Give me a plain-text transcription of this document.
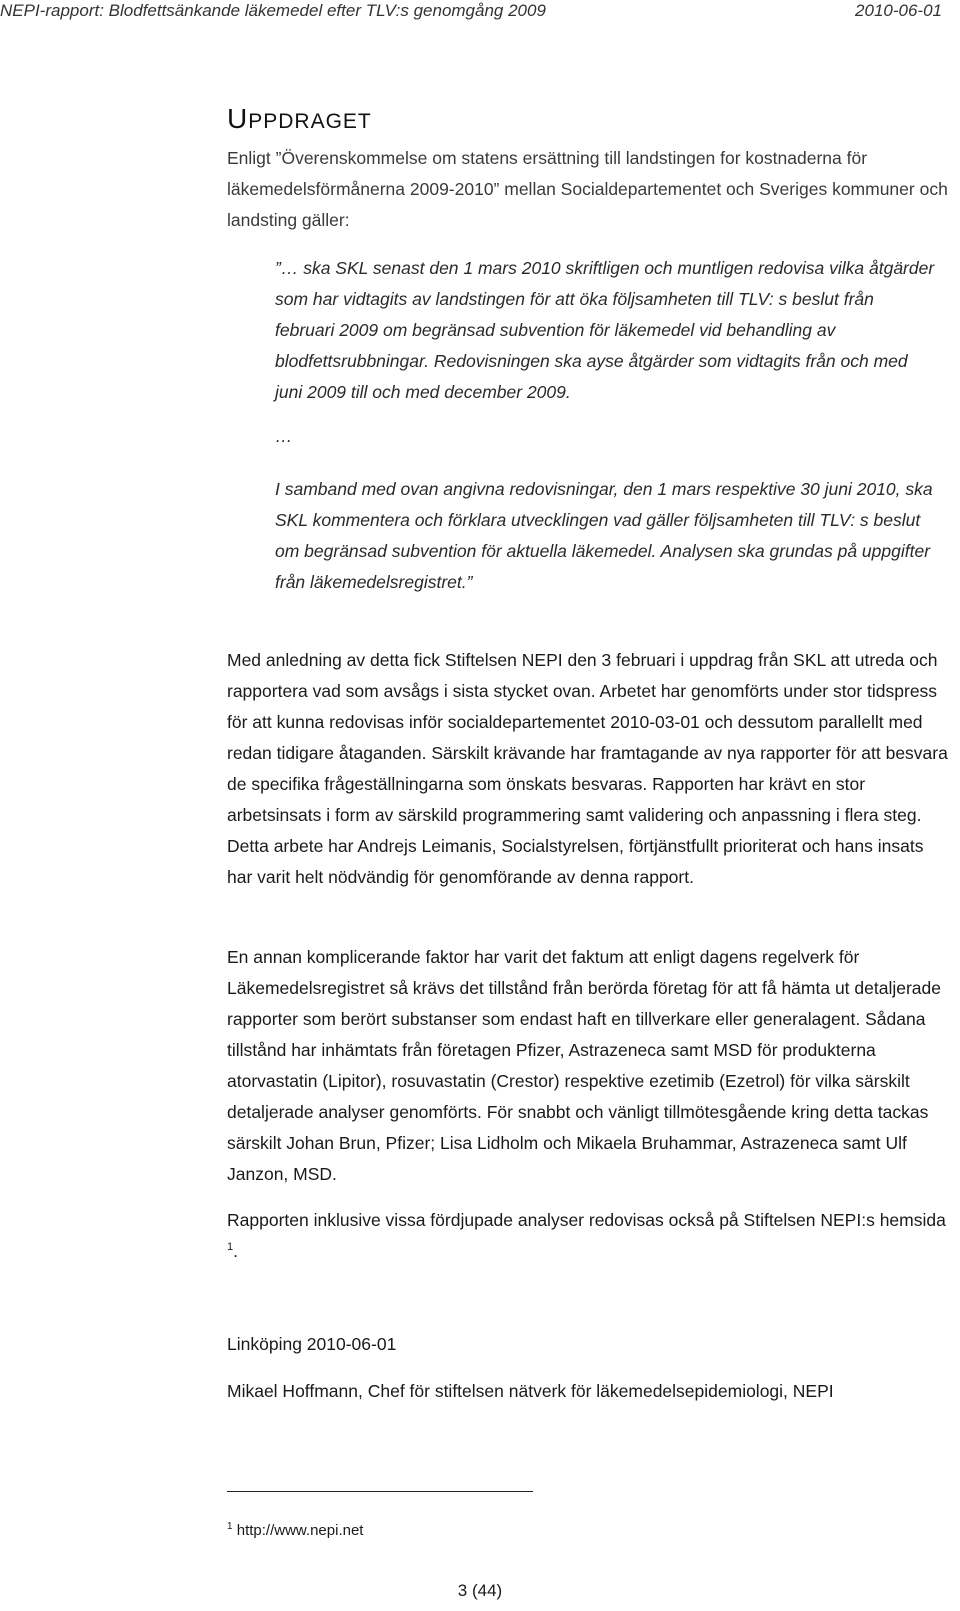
NEPI-rapport: Blodfettsänkande läkemedel efter TLV:s genomgång 2009	2010-06-01
UPPDRAGET
Enligt ”Överenskommelse om statens ersättning till landstingen for kostnaderna för läkemedelsförmånerna 2009-2010” mellan Socialdepartementet och Sveriges kommuner och landsting gäller:
”… ska SKL senast den 1 mars 2010 skriftligen och muntligen redovisa vilka åtgärder som har vidtagits av landstingen för att öka följsamheten till TLV: s beslut från februari 2009 om begränsad subvention för läkemedel vid behandling av blodfettsrubbningar. Redovisningen ska ayse åtgärder som vidtagits från och med juni 2009 till och med december 2009.
…
I samband med ovan angivna redovisningar, den 1 mars respektive 30 juni 2010, ska SKL kommentera och förklara utvecklingen vad gäller följsamheten till TLV: s beslut om begränsad subvention för aktuella läkemedel. Analysen ska grundas på uppgifter från läkemedelsregistret.”
Med anledning av detta fick Stiftelsen NEPI den 3 februari i uppdrag från SKL att utreda och rapportera vad som avsågs i sista stycket ovan. Arbetet har genomförts under stor tidspress för att kunna redovisas inför socialdepartementet 2010-03-01 och dessutom parallellt med redan tidigare åtaganden. Särskilt krävande har framtagande av nya rapporter för att besvara de specifika frågeställningarna som önskats besvaras. Rapporten har krävt en stor arbetsinsats i form av särskild programmering samt validering och anpassning i flera steg. Detta arbete har Andrejs Leimanis, Socialstyrelsen, förtjänstfullt prioriterat och hans insats har varit helt nödvändig för genomförande av denna rapport.
En annan komplicerande faktor har varit det faktum att enligt dagens regelverk för Läkemedelsregistret så krävs det tillstånd från berörda företag för att få hämta ut detaljerade rapporter som berört substanser som endast haft en tillverkare eller generalagent. Sådana tillstånd har inhämtats från företagen Pfizer, Astrazeneca samt MSD för produkterna atorvastatin (Lipitor), rosuvastatin (Crestor) respektive ezetimib (Ezetrol) för vilka särskilt detaljerade analyser genomförts. För snabbt och vänligt tillmötesgående kring detta tackas särskilt Johan Brun, Pfizer; Lisa Lidholm och Mikaela Bruhammar, Astrazeneca samt Ulf Janzon, MSD.
Rapporten inklusive vissa fördjupade analyser redovisas också på Stiftelsen NEPI:s hemsida $^1$.
Linköping 2010-06-01
Mikael Hoffmann, Chef för stiftelsen nätverk för läkemedelsepidemiologi, NEPI
$^1$ http://www.nepi.net
3 (44)
